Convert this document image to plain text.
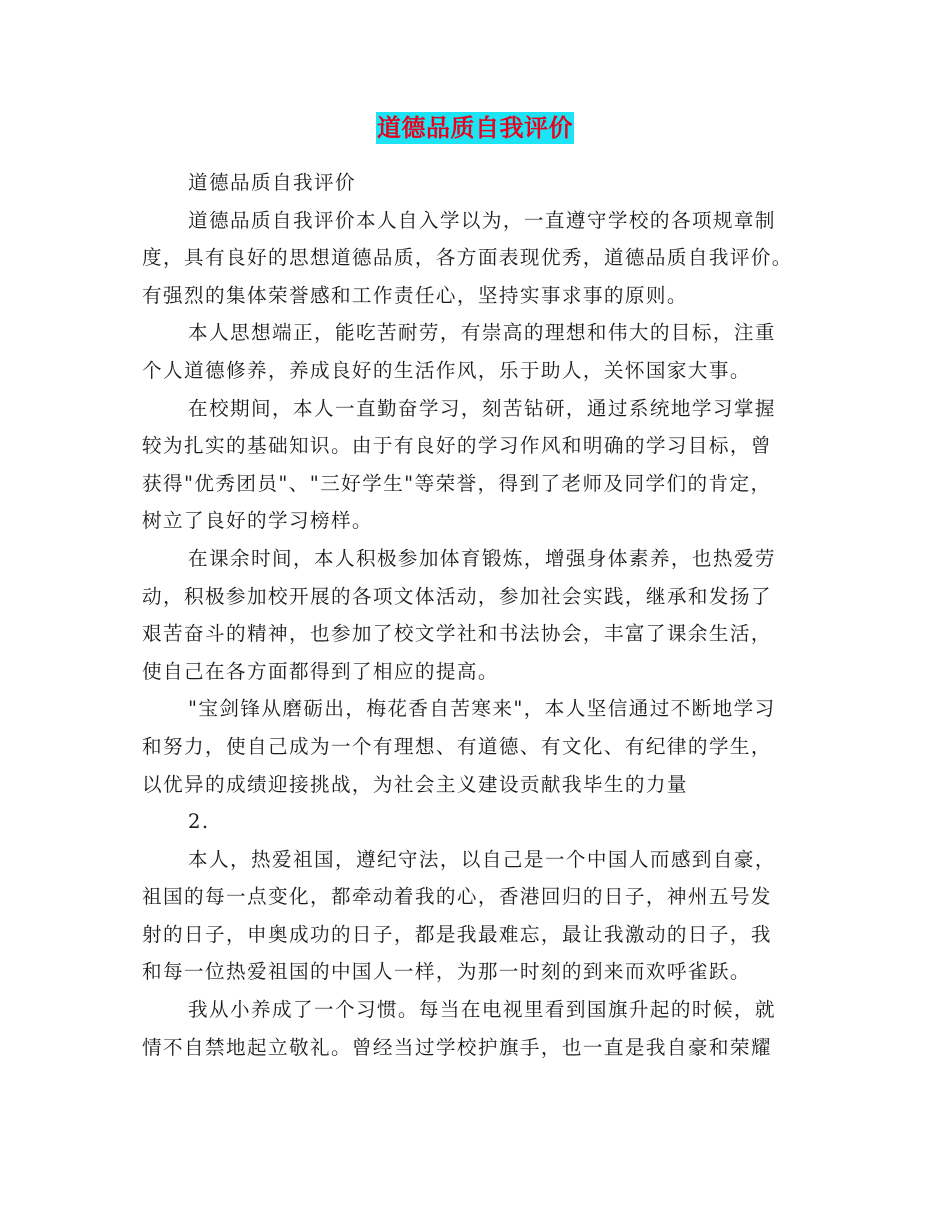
道德品质自我评价
道德品质自我评价
道德品质自我评价本人自入学以为，一直遵守学校的各项规章制
度，具有良好的思想道德品质，各方面表现优秀，道德品质自我评价。
有强烈的集体荣誉感和工作责任心，坚持实事求事的原则。
本人思想端正，能吃苦耐劳，有崇高的理想和伟大的目标，注重
个人道德修养，养成良好的生活作风，乐于助人，关怀国家大事。
在校期间，本人一直勤奋学习，刻苦钻研，通过系统地学习掌握
较为扎实的基础知识。由于有良好的学习作风和明确的学习目标，曾
获得"优秀团员"、"三好学生"等荣誉，得到了老师及同学们的肯定，
树立了良好的学习榜样。
在课余时间，本人积极参加体育锻炼，增强身体素养，也热爱劳
动，积极参加校开展的各项文体活动，参加社会实践，继承和发扬了
艰苦奋斗的精神，也参加了校文学社和书法协会，丰富了课余生活，
使自己在各方面都得到了相应的提高。
"宝剑锋从磨砺出，梅花香自苦寒来"，本人坚信通过不断地学习
和努力，使自己成为一个有理想、有道德、有文化、有纪律的学生，
以优异的成绩迎接挑战，为社会主义建设贡献我毕生的力量
2.
本人，热爱祖国，遵纪守法，以自己是一个中国人而感到自豪，
祖国的每一点变化，都牵动着我的心，香港回归的日子，神州五号发
射的日子，申奥成功的日子，都是我最难忘，最让我激动的日子，我
和每一位热爱祖国的中国人一样，为那一时刻的到来而欢呼雀跃。
我从小养成了一个习惯。每当在电视里看到国旗升起的时候，就
情不自禁地起立敬礼。曾经当过学校护旗手，也一直是我自豪和荣耀
